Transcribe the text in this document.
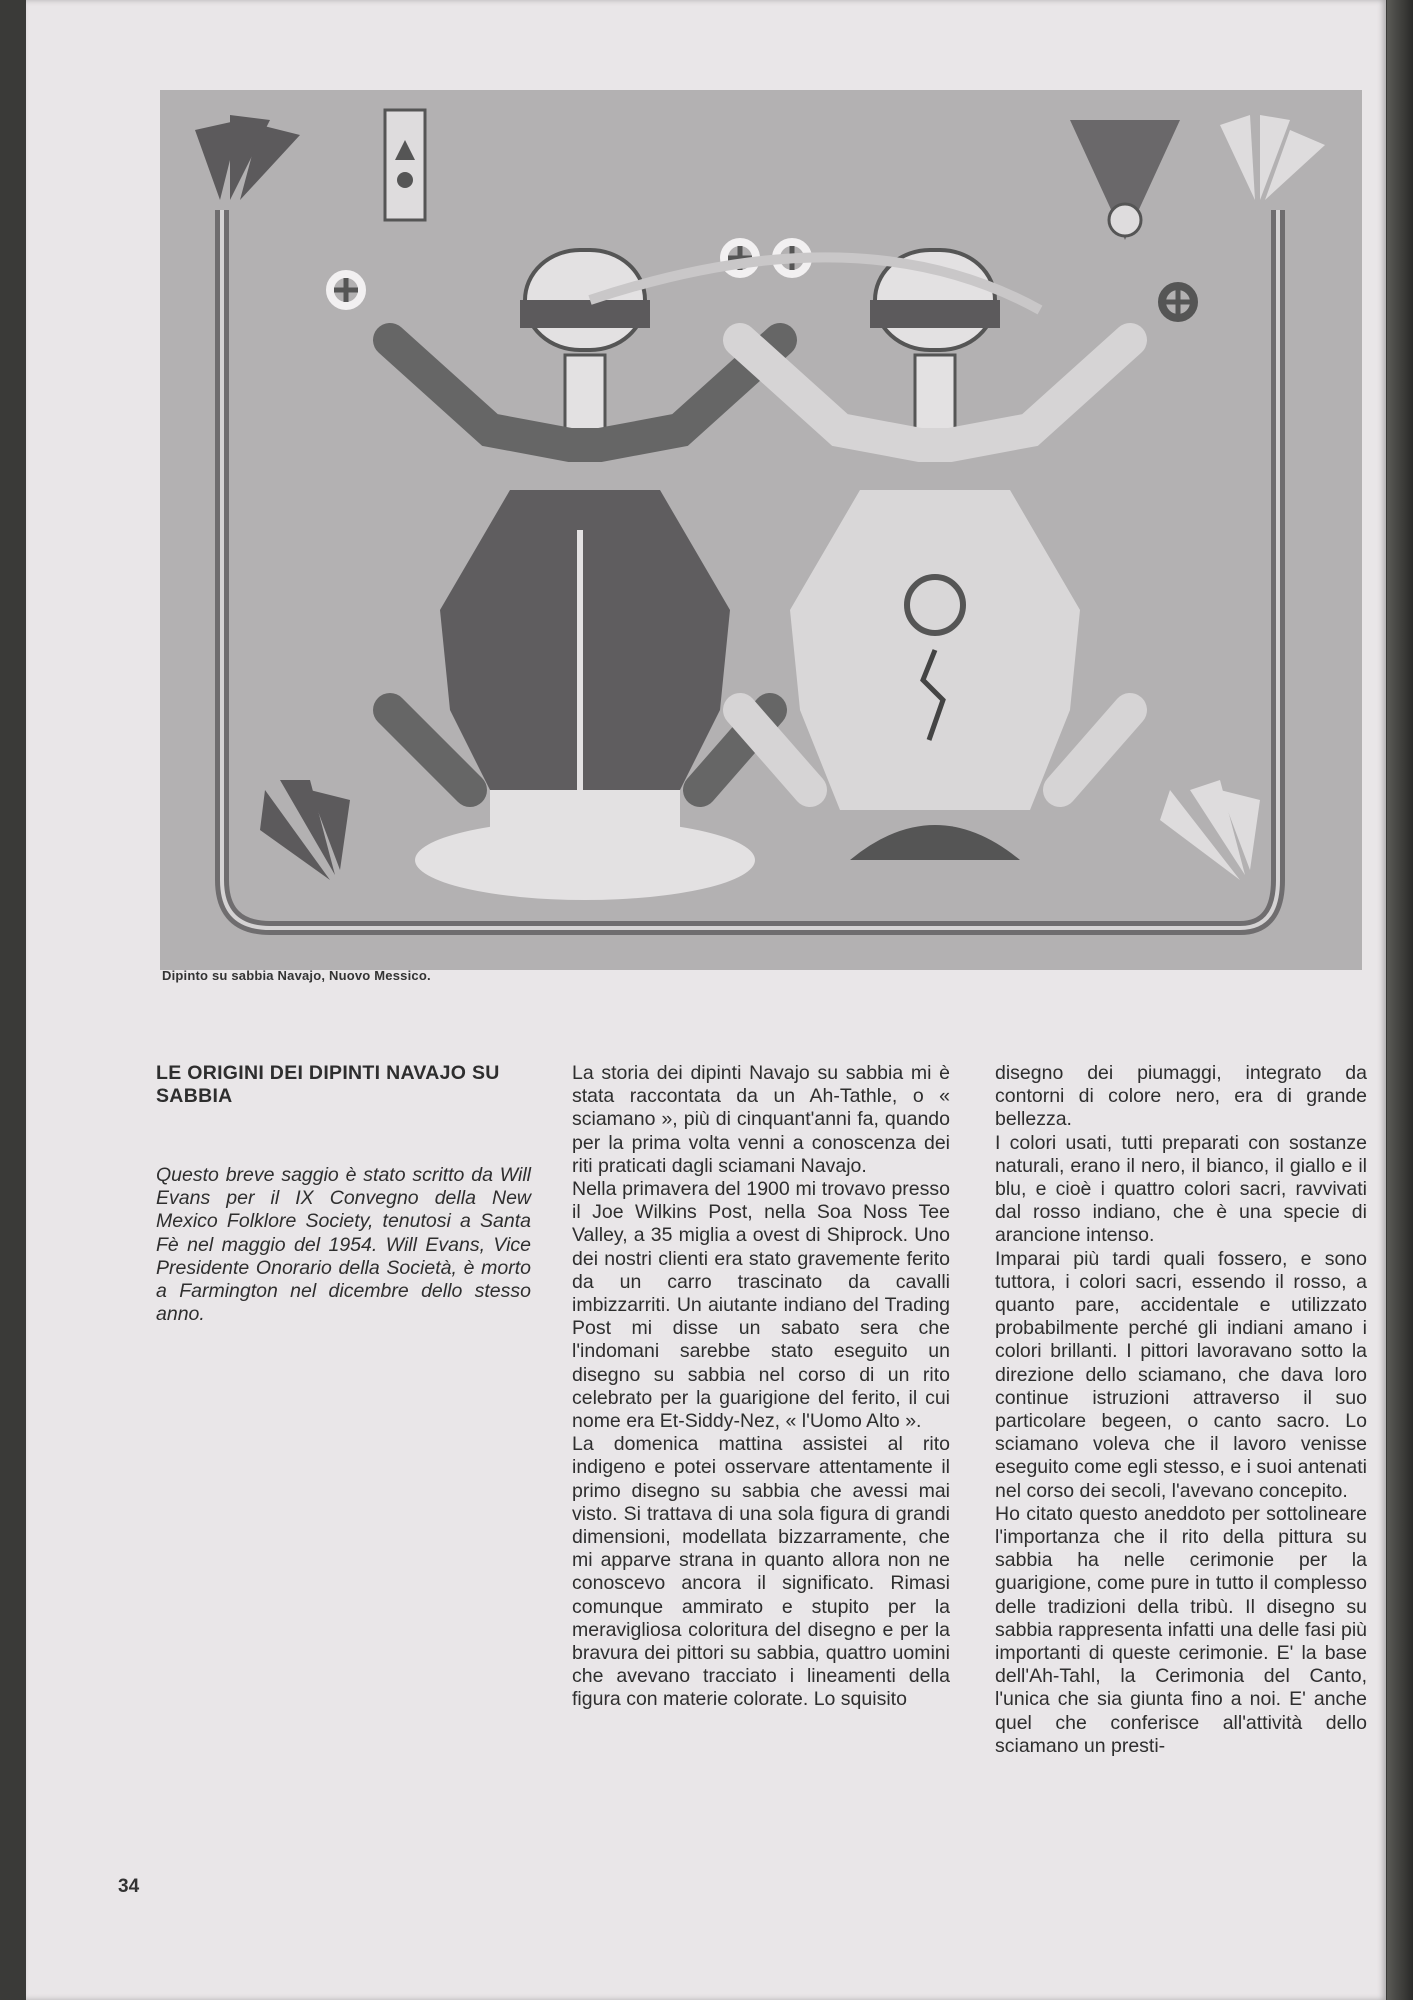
Dipinto su sabbia Navajo, Nuovo Messico.
LE ORIGINI DEI DIPINTI NAVAJO SU SABBIA

Questo breve saggio è stato scritto da Will Evans per il IX Convegno della New Mexico Folklore Society, tenutosi a Santa Fè nel maggio del 1954. Will Evans, Vice Presidente Onorario della Società, è morto a Farmington nel dicembre dello stesso anno.

La storia dei dipinti Navajo su sabbia mi è stata raccontata da un Ah-Tathle, o « sciamano », più di cinquant'anni fa, quando per la prima volta venni a conoscenza dei riti praticati dagli sciamani Navajo.

Nella primavera del 1900 mi trovavo presso il Joe Wilkins Post, nella Soa Noss Tee Valley, a 35 miglia a ovest di Shiprock. Uno dei nostri clienti era stato gravemente ferito da un carro trascinato da cavalli imbizzarriti. Un aiutante indiano del Trading Post mi disse un sabato sera che l'indomani sarebbe stato eseguito un disegno su sabbia nel corso di un rito celebrato per la guarigione del ferito, il cui nome era Et-Siddy-Nez, « l'Uomo Alto ».

La domenica mattina assistei al rito indigeno e potei osservare attentamente il primo disegno su sabbia che avessi mai visto. Si trattava di una sola figura di grandi dimensioni, modellata bizzarramente, che mi apparve strana in quanto allora non ne conoscevo ancora il significato. Rimasi comunque ammirato e stupito per la meravigliosa coloritura del disegno e per la bravura dei pittori su sabbia, quattro uomini che avevano tracciato i lineamenti della figura con materie colorate. Lo squisito

disegno dei piumaggi, integrato da contorni di colore nero, era di grande bellezza.

I colori usati, tutti preparati con sostanze naturali, erano il nero, il bianco, il giallo e il blu, e cioè i quattro colori sacri, ravvivati dal rosso indiano, che è una specie di arancione intenso.

Imparai più tardi quali fossero, e sono tuttora, i colori sacri, essendo il rosso, a quanto pare, accidentale e utilizzato probabilmente perché gli indiani amano i colori brillanti. I pittori lavoravano sotto la direzione dello sciamano, che dava loro continue istruzioni attraverso il suo particolare begeen, o canto sacro. Lo sciamano voleva che il lavoro venisse eseguito come egli stesso, e i suoi antenati nel corso dei secoli, l'avevano concepito.

Ho citato questo aneddoto per sottolineare l'importanza che il rito della pittura su sabbia ha nelle cerimonie per la guarigione, come pure in tutto il complesso delle tradizioni della tribù. Il disegno su sabbia rappresenta infatti una delle fasi più importanti di queste cerimonie. E' la base dell'Ah-Tahl, la Cerimonia del Canto, l'unica che sia giunta fino a noi. E' anche quel che conferisce all'attività dello sciamano un presti-

34
